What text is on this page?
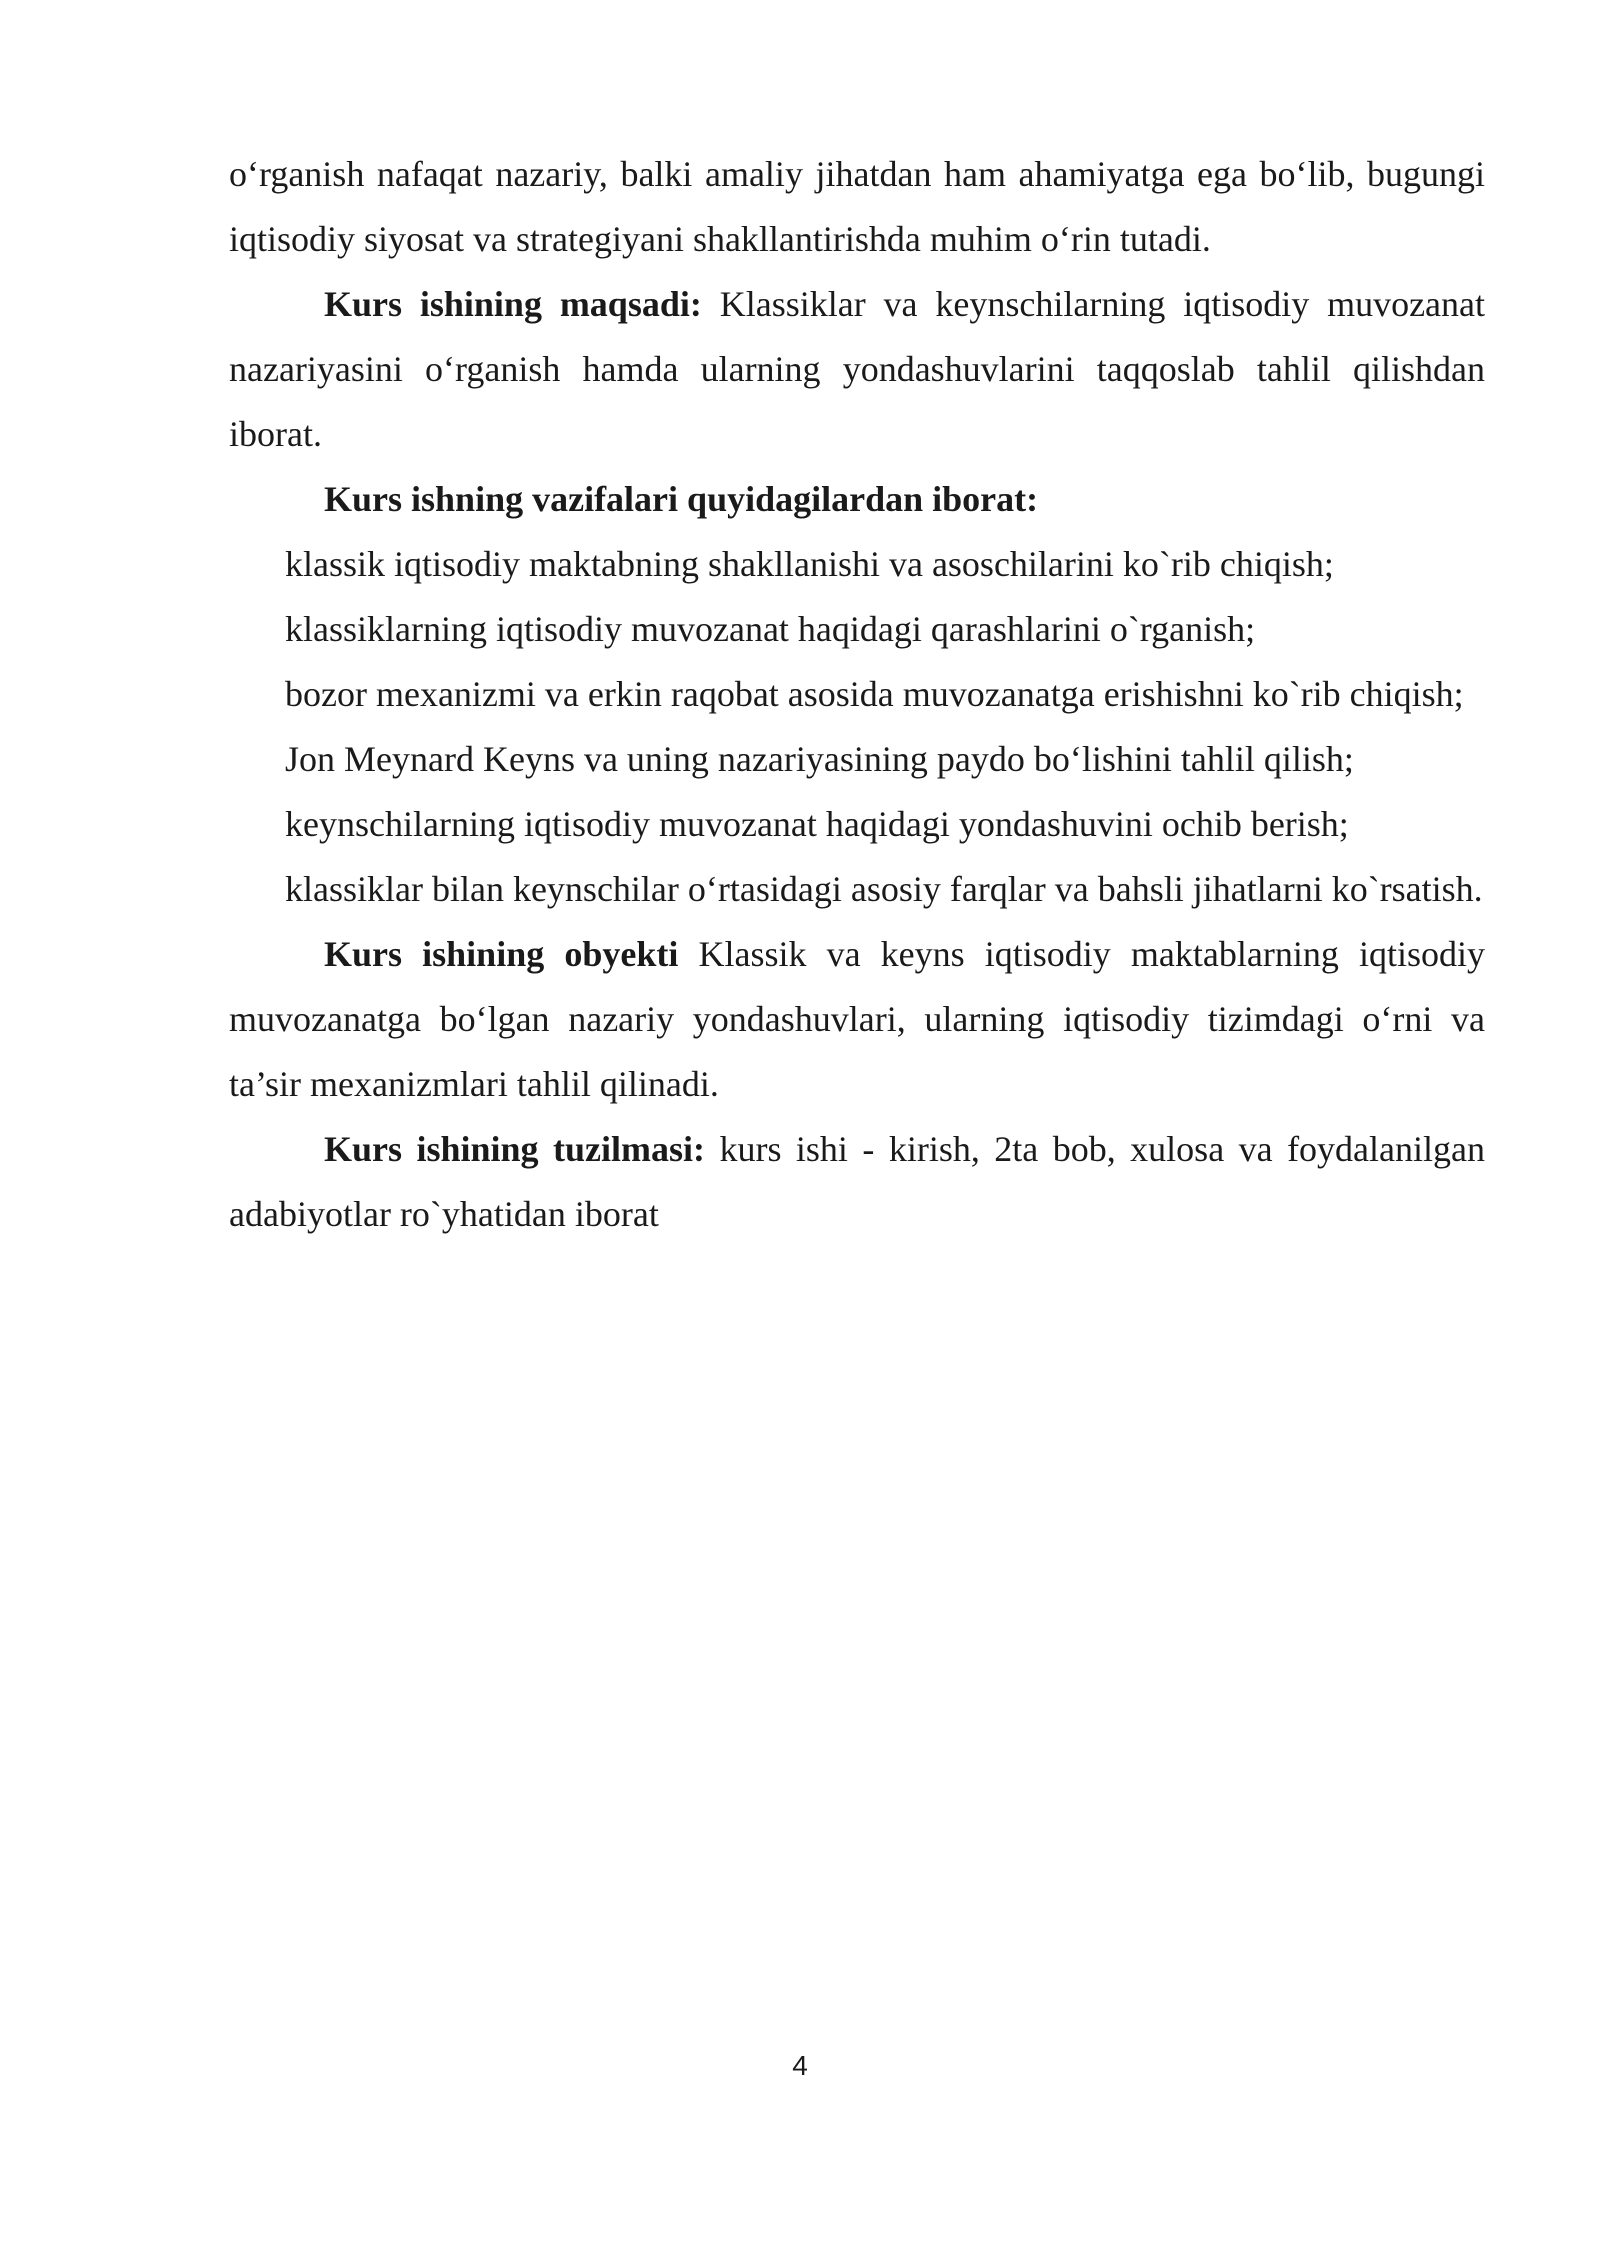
o‘rganish nafaqat nazariy, balki amaliy jihatdan ham ahamiyatga ega bo‘lib, bugungi iqtisodiy siyosat va strategiyani shakllantirishda muhim o‘rin tutadi.

Kurs ishining maqsadi: Klassiklar va keynschilarning iqtisodiy muvozanat nazariyasini o‘rganish hamda ularning yondashuvlarini taqqoslab tahlil qilishdan iborat.

Kurs ishning vazifalari quyidagilardan iborat:

klassik iqtisodiy maktabning shakllanishi va asoschilarini ko`rib chiqish;
klassiklarning iqtisodiy muvozanat haqidagi qarashlarini o`rganish;
bozor mexanizmi va erkin raqobat asosida muvozanatga erishishni ko`rib chiqish;
Jon Meynard Keyns va uning nazariyasining paydo bo‘lishini tahlil qilish;
keynschilarning iqtisodiy muvozanat haqidagi yondashuvini ochib berish;
klassiklar bilan keynschilar o‘rtasidagi asosiy farqlar va bahsli jihatlarni ko`rsatish.

Kurs ishining obyekti Klassik va keyns iqtisodiy maktablarning iqtisodiy muvozanatga bo‘lgan nazariy yondashuvlari, ularning iqtisodiy tizimdagi o‘rni va ta’sir mexanizmlari tahlil qilinadi.

Kurs ishining tuzilmasi: kurs ishi - kirish, 2ta bob, xulosa va foydalanilgan adabiyotlar ro`yhatidan iborat

4
